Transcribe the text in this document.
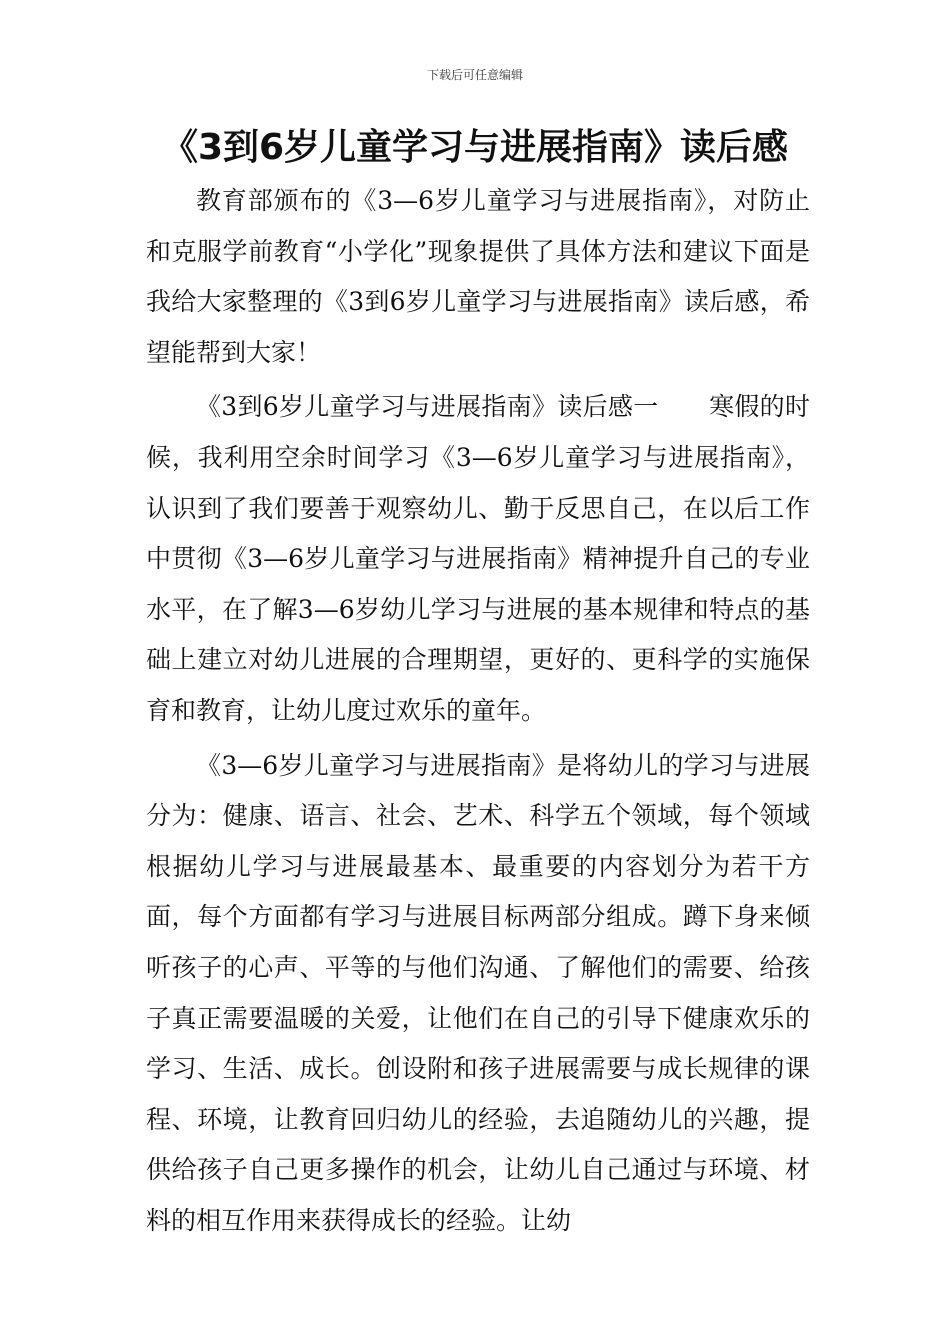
下载后可任意编辑
《3到6岁儿童学习与进展指南》读后感

教育部颁布的《3—6岁儿童学习与进展指南》，对防止和克服学前教育“小学化”现象提供了具体方法和建议下面是我给大家整理的《3到6岁儿童学习与进展指南》读后感，希望能帮到大家！

《3到6岁儿童学习与进展指南》读后感一　　寒假的时候，我利用空余时间学习《3—6岁儿童学习与进展指南》，认识到了我们要善于观察幼儿、勤于反思自己，在以后工作中贯彻《3—6岁儿童学习与进展指南》精神提升自己的专业水平，在了解3—6岁幼儿学习与进展的基本规律和特点的基础上建立对幼儿进展的合理期望，更好的、更科学的实施保育和教育，让幼儿度过欢乐的童年。

《3—6岁儿童学习与进展指南》是将幼儿的学习与进展分为：健康、语言、社会、艺术、科学五个领域，每个领域根据幼儿学习与进展最基本、最重要的内容划分为若干方面，每个方面都有学习与进展目标两部分组成。蹲下身来倾听孩子的心声、平等的与他们沟通、了解他们的需要、给孩子真正需要温暖的关爱，让他们在自己的引导下健康欢乐的学习、生活、成长。创设附和孩子进展需要与成长规律的课程、环境，让教育回归幼儿的经验，去追随幼儿的兴趣，提供给孩子自己更多操作的机会，让幼儿自己通过与环境、材料的相互作用来获得成长的经验。让幼
